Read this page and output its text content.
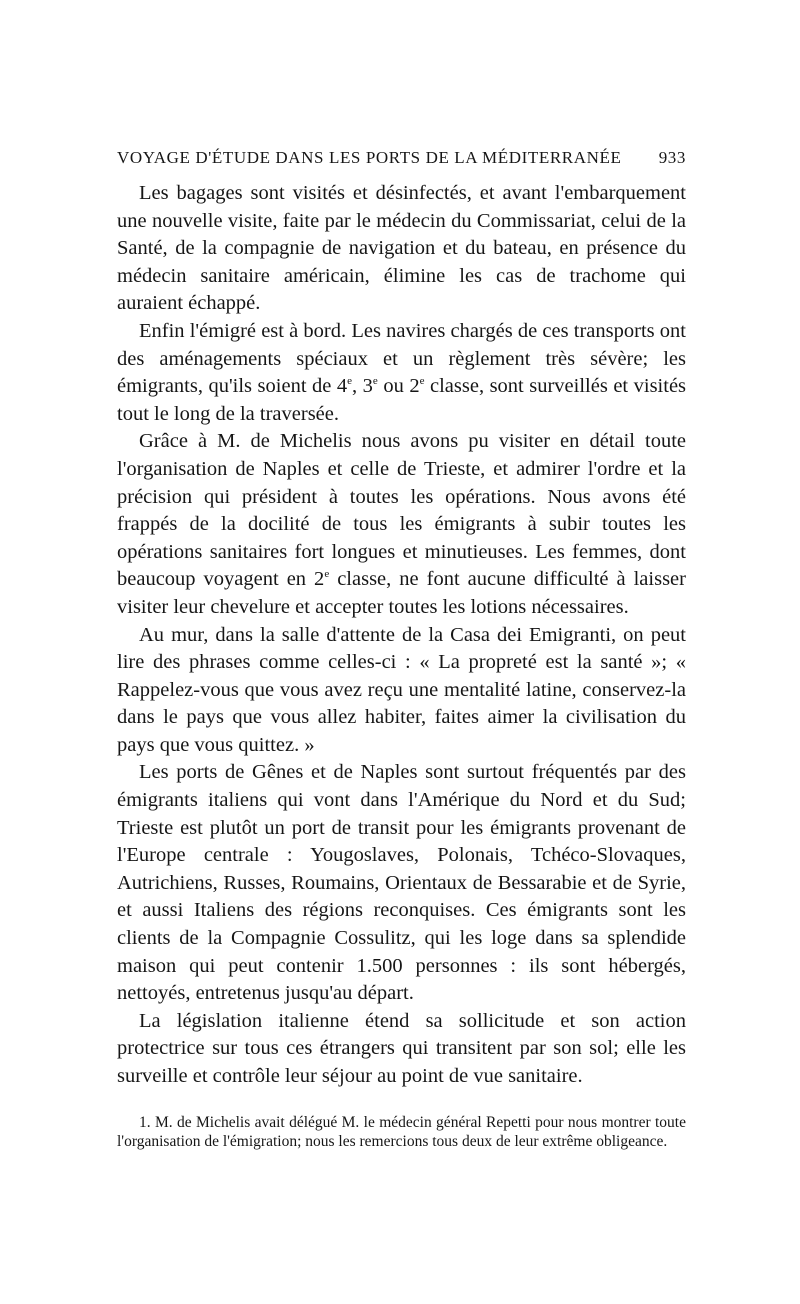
VOYAGE D'ÉTUDE DANS LES PORTS DE LA MÉDITERRANÉE 933

Les bagages sont visités et désinfectés, et avant l'embarquement une nouvelle visite, faite par le médecin du Commissariat, celui de la Santé, de la compagnie de navigation et du bateau, en présence du médecin sanitaire américain, élimine les cas de trachome qui auraient échappé.

Enfin l'émigré est à bord. Les navires chargés de ces transports ont des aménagements spéciaux et un règlement très sévère; les émigrants, qu'ils soient de 4e, 3e ou 2e classe, sont surveillés et visités tout le long de la traversée.

Grâce à M. de Michelis nous avons pu visiter en détail toute l'organisation de Naples et celle de Trieste, et admirer l'ordre et la précision qui président à toutes les opérations. Nous avons été frappés de la docilité de tous les émigrants à subir toutes les opérations sanitaires fort longues et minutieuses. Les femmes, dont beaucoup voyagent en 2e classe, ne font aucune difficulté à laisser visiter leur chevelure et accepter toutes les lotions nécessaires.

Au mur, dans la salle d'attente de la Casa dei Emigranti, on peut lire des phrases comme celles-ci : « La propreté est la santé »; « Rappelez-vous que vous avez reçu une mentalité latine, conservez-la dans le pays que vous allez habiter, faites aimer la civilisation du pays que vous quittez. »

Les ports de Gênes et de Naples sont surtout fréquentés par des émigrants italiens qui vont dans l'Amérique du Nord et du Sud; Trieste est plutôt un port de transit pour les émigrants provenant de l'Europe centrale : Yougoslaves, Polonais, Tchéco-Slovaques, Autrichiens, Russes, Roumains, Orientaux de Bessarabie et de Syrie, et aussi Italiens des régions reconquises. Ces émigrants sont les clients de la Compagnie Cossulitz, qui les loge dans sa splendide maison qui peut contenir 1.500 personnes : ils sont hébergés, nettoyés, entretenus jusqu'au départ.

La législation italienne étend sa sollicitude et son action protectrice sur tous ces étrangers qui transitent par son sol; elle les surveille et contrôle leur séjour au point de vue sanitaire.

1. M. de Michelis avait délégué M. le médecin général Repetti pour nous montrer toute l'organisation de l'émigration; nous les remercions tous deux de leur extrême obligeance.
